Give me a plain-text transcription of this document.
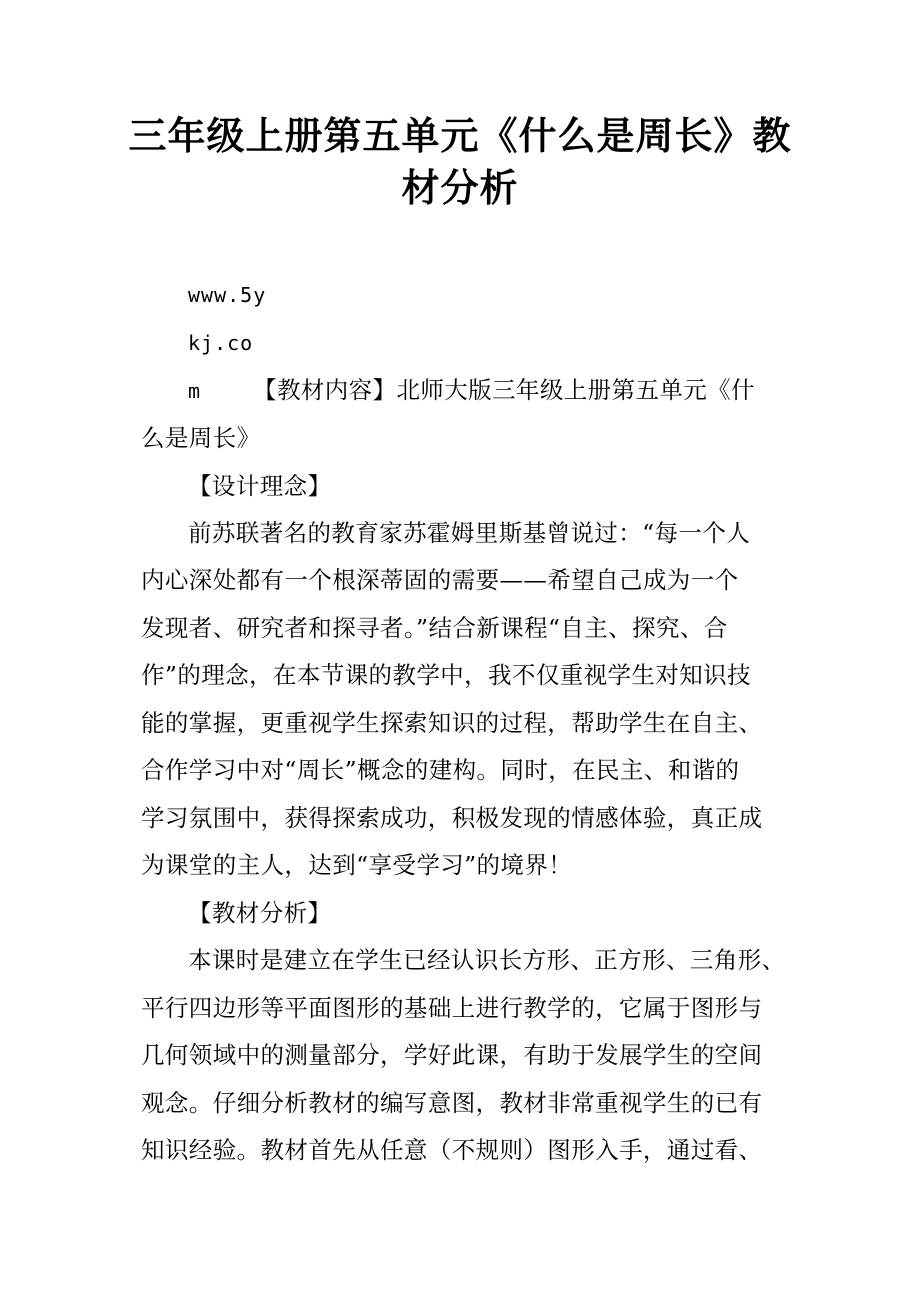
三年级上册第五单元《什么是周长》教
材分析
www.5y
kj.co
m 【教材内容】北师大版三年级上册第五单元《什
么是周长》
【设计理念】
前苏联著名的教育家苏霍姆里斯基曾说过：“每一个人
内心深处都有一个根深蒂固的需要——希望自己成为一个
发现者、研究者和探寻者。”结合新课程“自主、探究、合
作”的理念，在本节课的教学中，我不仅重视学生对知识技
能的掌握，更重视学生探索知识的过程，帮助学生在自主、
合作学习中对“周长”概念的建构。同时，在民主、和谐的
学习氛围中，获得探索成功，积极发现的情感体验，真正成
为课堂的主人，达到“享受学习”的境界！
【教材分析】
本课时是建立在学生已经认识长方形、正方形、三角形、
平行四边形等平面图形的基础上进行教学的，它属于图形与
几何领域中的测量部分，学好此课，有助于发展学生的空间
观念。仔细分析教材的编写意图，教材非常重视学生的已有
知识经验。教材首先从任意（不规则）图形入手，通过看、
